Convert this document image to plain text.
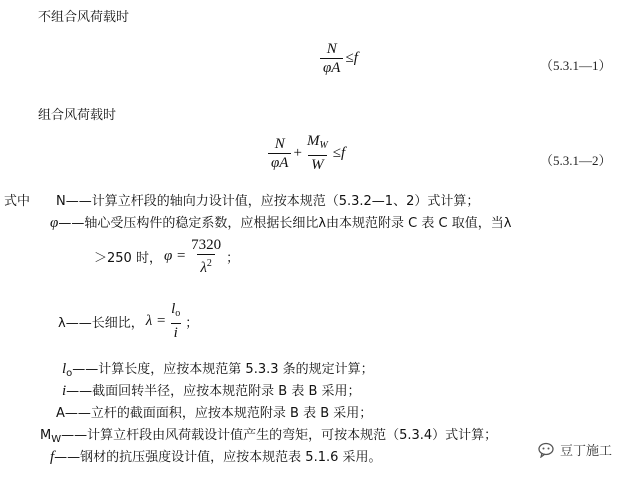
不组合风荷载时
$\frac{N}{\varphi A} \le f$	（5.3.1—1）
组合风荷载时
$\frac{N}{\varphi A} + \frac{M_W}{W} \le f$	（5.3.1—2）
式中 N——计算立杆段的轴向力设计值，应按本规范（5.3.2—1、2）式计算；
φ——轴心受压构件的稳定系数，应根据长细比λ由本规范附录 C 表 C 取值，当λ
＞250 时， $\varphi = \frac{7320}{\lambda^2}$ ；
λ——长细比， $\lambda = \frac{l_o}{i}$ ；
$l_o——$计算长度，应按本规范第 5.3.3 条的规定计算；
i——截面回转半径，应按本规范附录 B 表 B 采用；
A——立杆的截面面积，应按本规范附录 B 表 B 采用；
$M_W——$计算立杆段由风荷载设计值产生的弯矩，可按本规范（5.3.4）式计算；
f——钢材的抗压强度设计值，应按本规范表 5.1.6 采用。	豆丁施工
